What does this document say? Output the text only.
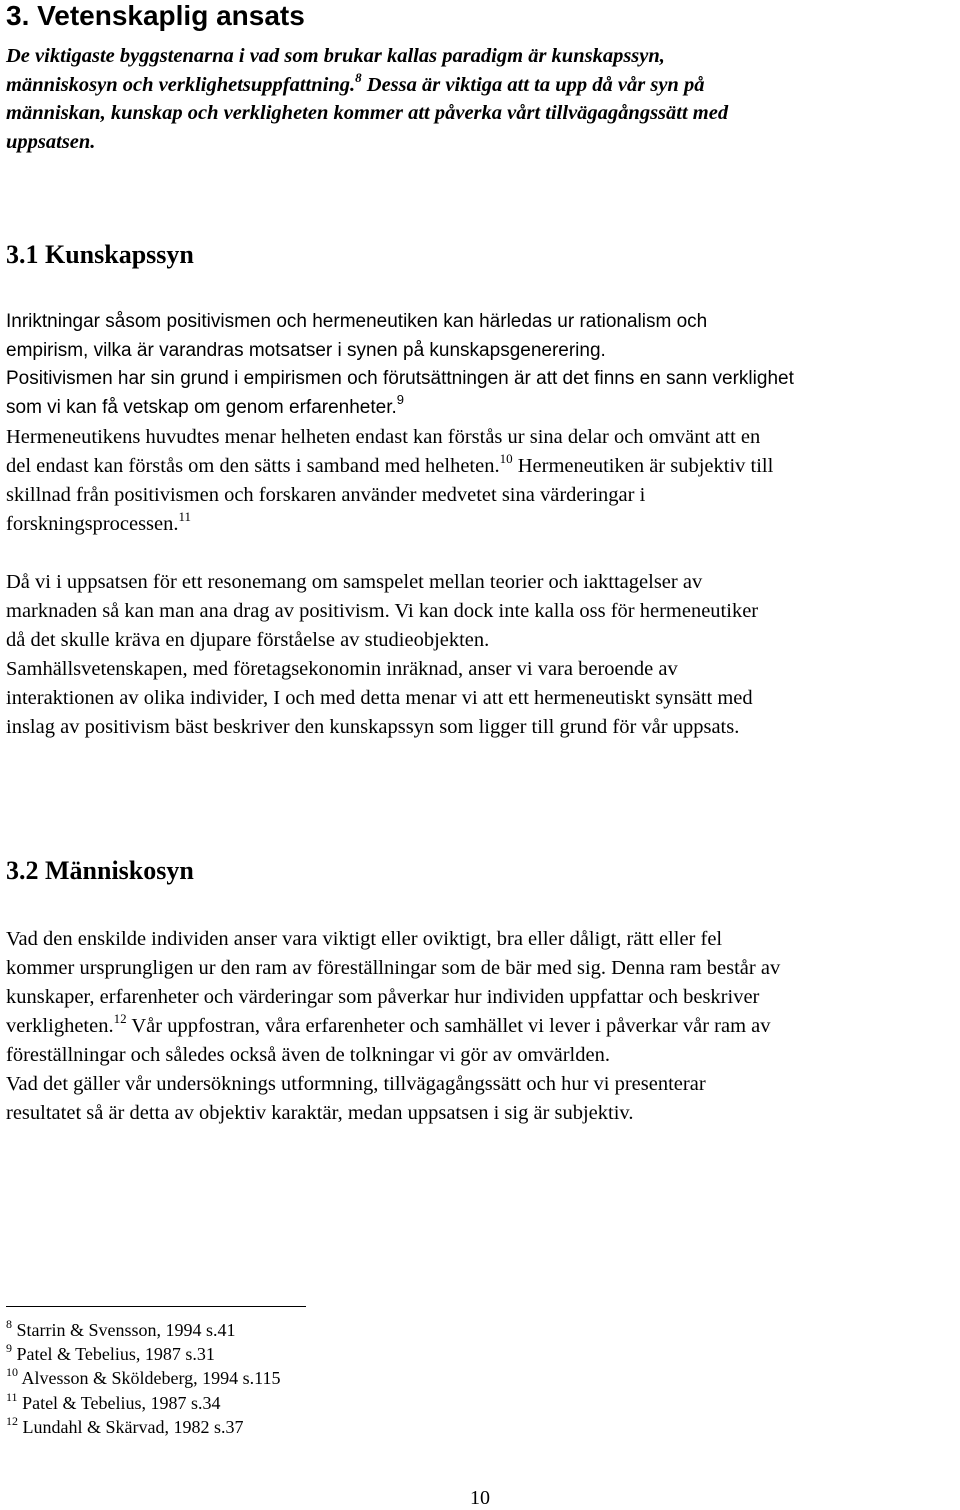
3. Vetenskaplig ansats
De viktigaste byggstenarna i vad som brukar kallas paradigm är kunskapssyn,
människosyn och verklighetsuppfattning.$^8$ Dessa är viktiga att ta upp då vår syn på
människan, kunskap och verkligheten kommer att påverka vårt tillvägagångssätt med
uppsatsen.
3.1 Kunskapssyn
Inriktningar såsom positivismen och hermeneutiken kan härledas ur rationalism och
empirism, vilka är varandras motsatser i synen på kunskapsgenerering.
Positivismen har sin grund i empirismen och förutsättningen är att det finns en sann verklighet
som vi kan få vetskap om genom erfarenheter.$^9$
Hermeneutikens huvudtes menar helheten endast kan förstås ur sina delar och omvänt att en
del endast kan förstås om den sätts i samband med helheten.$^{10}$ Hermeneutiken är subjektiv till
skillnad från positivismen och forskaren använder medvetet sina värderingar i
forskningsprocessen.$^{11}$
Då vi i uppsatsen för ett resonemang om samspelet mellan teorier och iakttagelser av
marknaden så kan man ana drag av positivism. Vi kan dock inte kalla oss för hermeneutiker
då det skulle kräva en djupare förståelse av studieobjekten.
Samhällsvetenskapen, med företagsekonomin inräknad, anser vi vara beroende av
interaktionen av olika individer, I och med detta menar vi att ett hermeneutiskt synsätt med
inslag av positivism bäst beskriver den kunskapssyn som ligger till grund för vår uppsats.
3.2 Människosyn
Vad den enskilde individen anser vara viktigt eller oviktigt, bra eller dåligt, rätt eller fel
kommer ursprungligen ur den ram av föreställningar som de bär med sig. Denna ram består av
kunskaper, erfarenheter och värderingar som påverkar hur individen uppfattar och beskriver
verkligheten.$^{12}$ Vår uppfostran, våra erfarenheter och samhället vi lever i påverkar vår ram av
föreställningar och således också även de tolkningar vi gör av omvärlden.
Vad det gäller vår undersöknings utformning, tillvägagångssätt och hur vi presenterar
resultatet så är detta av objektiv karaktär, medan uppsatsen i sig är subjektiv.
$^8$ Starrin & Svensson, 1994 s.41
$^9$ Patel & Tebelius, 1987 s.31
$^{10}$ Alvesson & Sköldeberg, 1994 s.115
$^{11}$ Patel & Tebelius, 1987 s.34
$^{12}$ Lundahl & Skärvad, 1982 s.37
10
